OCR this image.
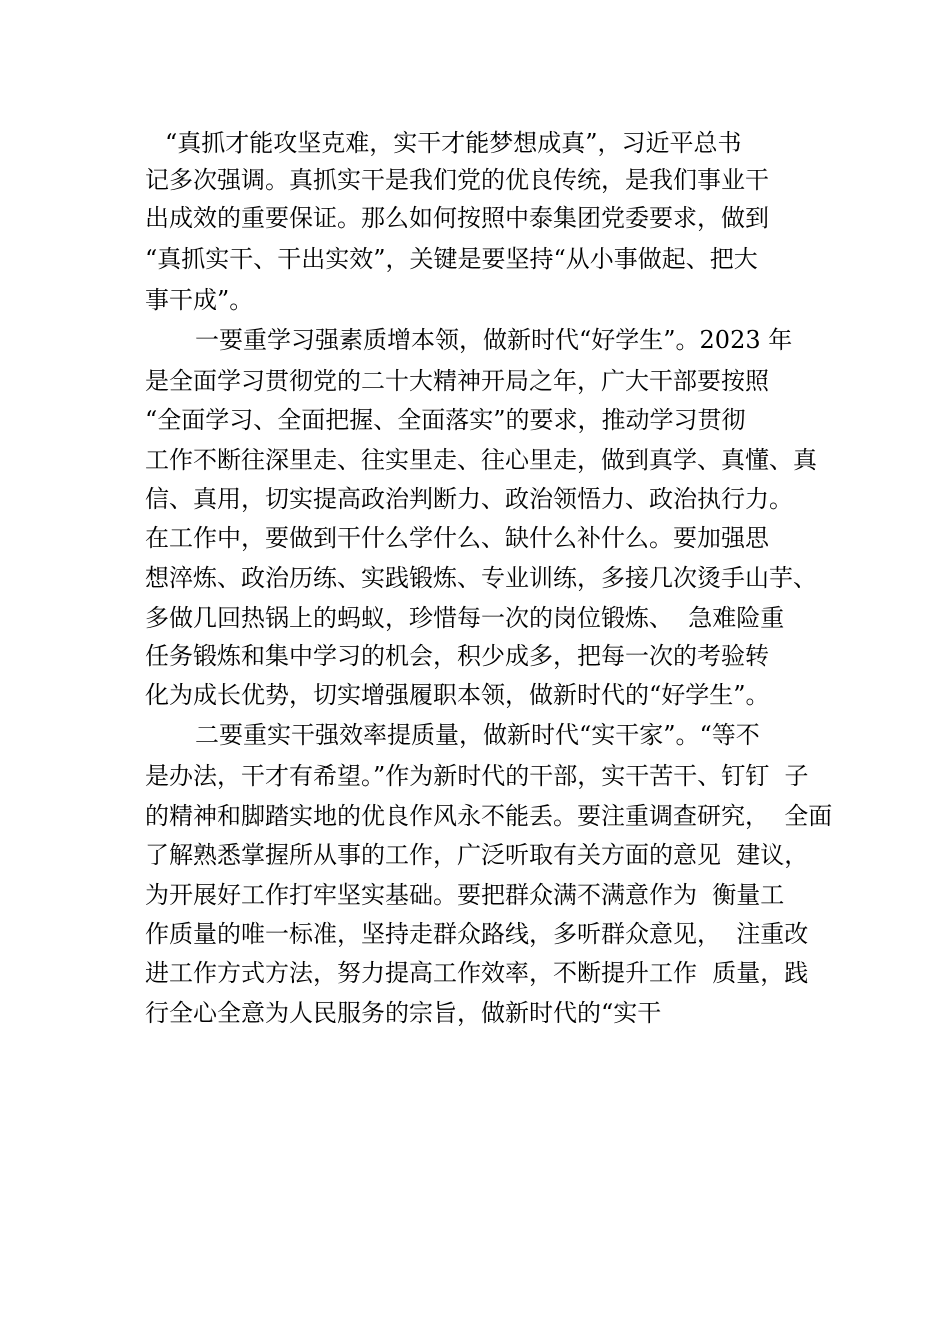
“真抓才能攻坚克难，实干才能梦想成真”，习近平总书
记多次强调。真抓实干是我们党的优良传统，是我们事业干
出成效的重要保证。那么如何按照中泰集团党委要求，做到
“真抓实干、干出实效”，关键是要坚持“从小事做起、把大
事干成”。
一要重学习强素质增本领，做新时代“好学生”。2023 年
是全面学习贯彻党的二十大精神开局之年，广大干部要按照
“全面学习、全面把握、全面落实”的要求，推动学习贯彻
工作不断往深里走、往实里走、往心里走，做到真学、真懂、真
信、真用，切实提高政治判断力、政治领悟力、政治执行力。
在工作中，要做到干什么学什么、缺什么补什么。要加强思
想淬炼、政治历练、实践锻炼、专业训练，多接几次烫手山芋、
多做几回热锅上的蚂蚁，珍惜每一次的岗位锻炼、  急难险重
任务锻炼和集中学习的机会，积少成多，把每一次的考验转
化为成长优势，切实增强履职本领，做新时代的“好学生”。
二要重实干强效率提质量，做新时代“实干家”。“等不
是办法，干才有希望。”作为新时代的干部，实干苦干、钉钉  子
的精神和脚踏实地的优良作风永不能丢。要注重调查研究，  全面
了解熟悉掌握所从事的工作，广泛听取有关方面的意见  建议，
为开展好工作打牢坚实基础。要把群众满不满意作为  衡量工
作质量的唯一标准，坚持走群众路线，多听群众意见，  注重改
进工作方式方法，努力提高工作效率，不断提升工作  质量，践
行全心全意为人民服务的宗旨，做新时代的“实干
